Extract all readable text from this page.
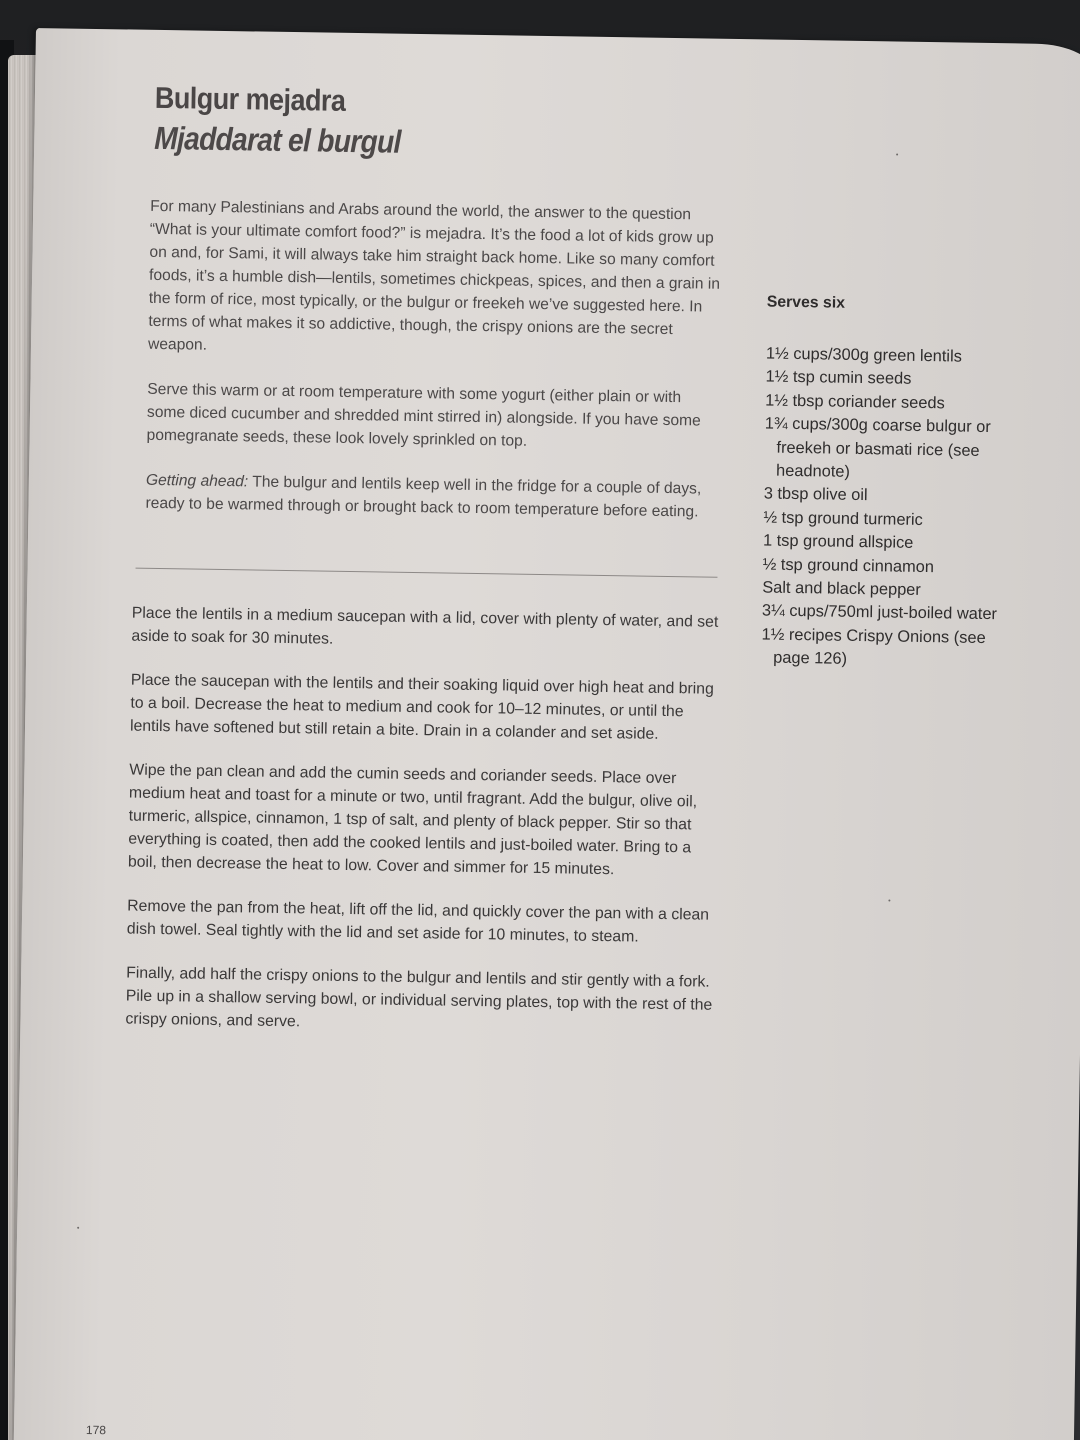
Bulgur mejadra
Mjaddarat el burgul

For many Palestinians and Arabs around the world, the answer to the question “What is your ultimate comfort food?” is mejadra. It’s the food a lot of kids grow up on and, for Sami, it will always take him straight back home. Like so many comfort foods, it’s a humble dish—lentils, sometimes chickpeas, spices, and then a grain in the form of rice, most typically, or the bulgur or freekeh we’ve suggested here. In terms of what makes it so addictive, though, the crispy onions are the secret weapon.

Serve this warm or at room temperature with some yogurt (either plain or with some diced cucumber and shredded mint stirred in) alongside. If you have some pomegranate seeds, these look lovely sprinkled on top.

Getting ahead: The bulgur and lentils keep well in the fridge for a couple of days, ready to be warmed through or brought back to room temperature before eating.

Place the lentils in a medium saucepan with a lid, cover with plenty of water, and set aside to soak for 30 minutes.

Place the saucepan with the lentils and their soaking liquid over high heat and bring to a boil. Decrease the heat to medium and cook for 10–12 minutes, or until the lentils have softened but still retain a bite. Drain in a colander and set aside.

Wipe the pan clean and add the cumin seeds and coriander seeds. Place over medium heat and toast for a minute or two, until fragrant. Add the bulgur, olive oil, turmeric, allspice, cinnamon, 1 tsp of salt, and plenty of black pepper. Stir so that everything is coated, then add the cooked lentils and just-boiled water. Bring to a boil, then decrease the heat to low. Cover and simmer for 15 minutes.

Remove the pan from the heat, lift off the lid, and quickly cover the pan with a clean dish towel. Seal tightly with the lid and set aside for 10 minutes, to steam.

Finally, add half the crispy onions to the bulgur and lentils and stir gently with a fork. Pile up in a shallow serving bowl, or individual serving plates, top with the rest of the crispy onions, and serve.

Serves six

1½ cups/300g green lentils
1½ tsp cumin seeds
1½ tbsp coriander seeds
1¾ cups/300g coarse bulgur or freekeh or basmati rice (see headnote)
3 tbsp olive oil
½ tsp ground turmeric
1 tsp ground allspice
½ tsp ground cinnamon
Salt and black pepper
3¼ cups/750ml just-boiled water
1½ recipes Crispy Onions (see page 126)
178
